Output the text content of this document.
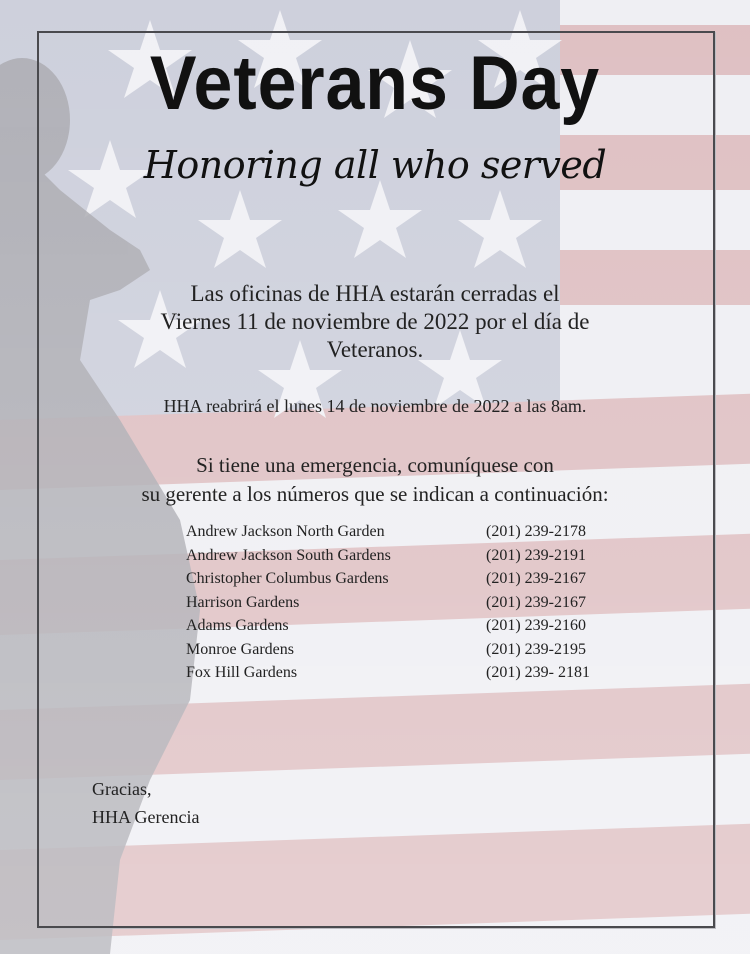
Veterans Day
Honoring all who served
Las oficinas de HHA estarán cerradas el
Viernes 11 de noviembre de 2022 por el día de
Veteranos.
HHA reabrirá el lunes 14 de noviembre de 2022 a las 8am.
Si tiene una emergencia, comuníquese con
su gerente a los números que se indican a continuación:
Andrew Jackson North Garden	(201) 239-2178
Andrew Jackson South Gardens	(201) 239-2191
Christopher Columbus Gardens	(201) 239-2167
Harrison Gardens	(201) 239-2167
Adams Gardens	(201) 239-2160
Monroe Gardens	(201) 239-2195
Fox Hill Gardens	(201) 239- 2181
Gracias,
HHA Gerencia
